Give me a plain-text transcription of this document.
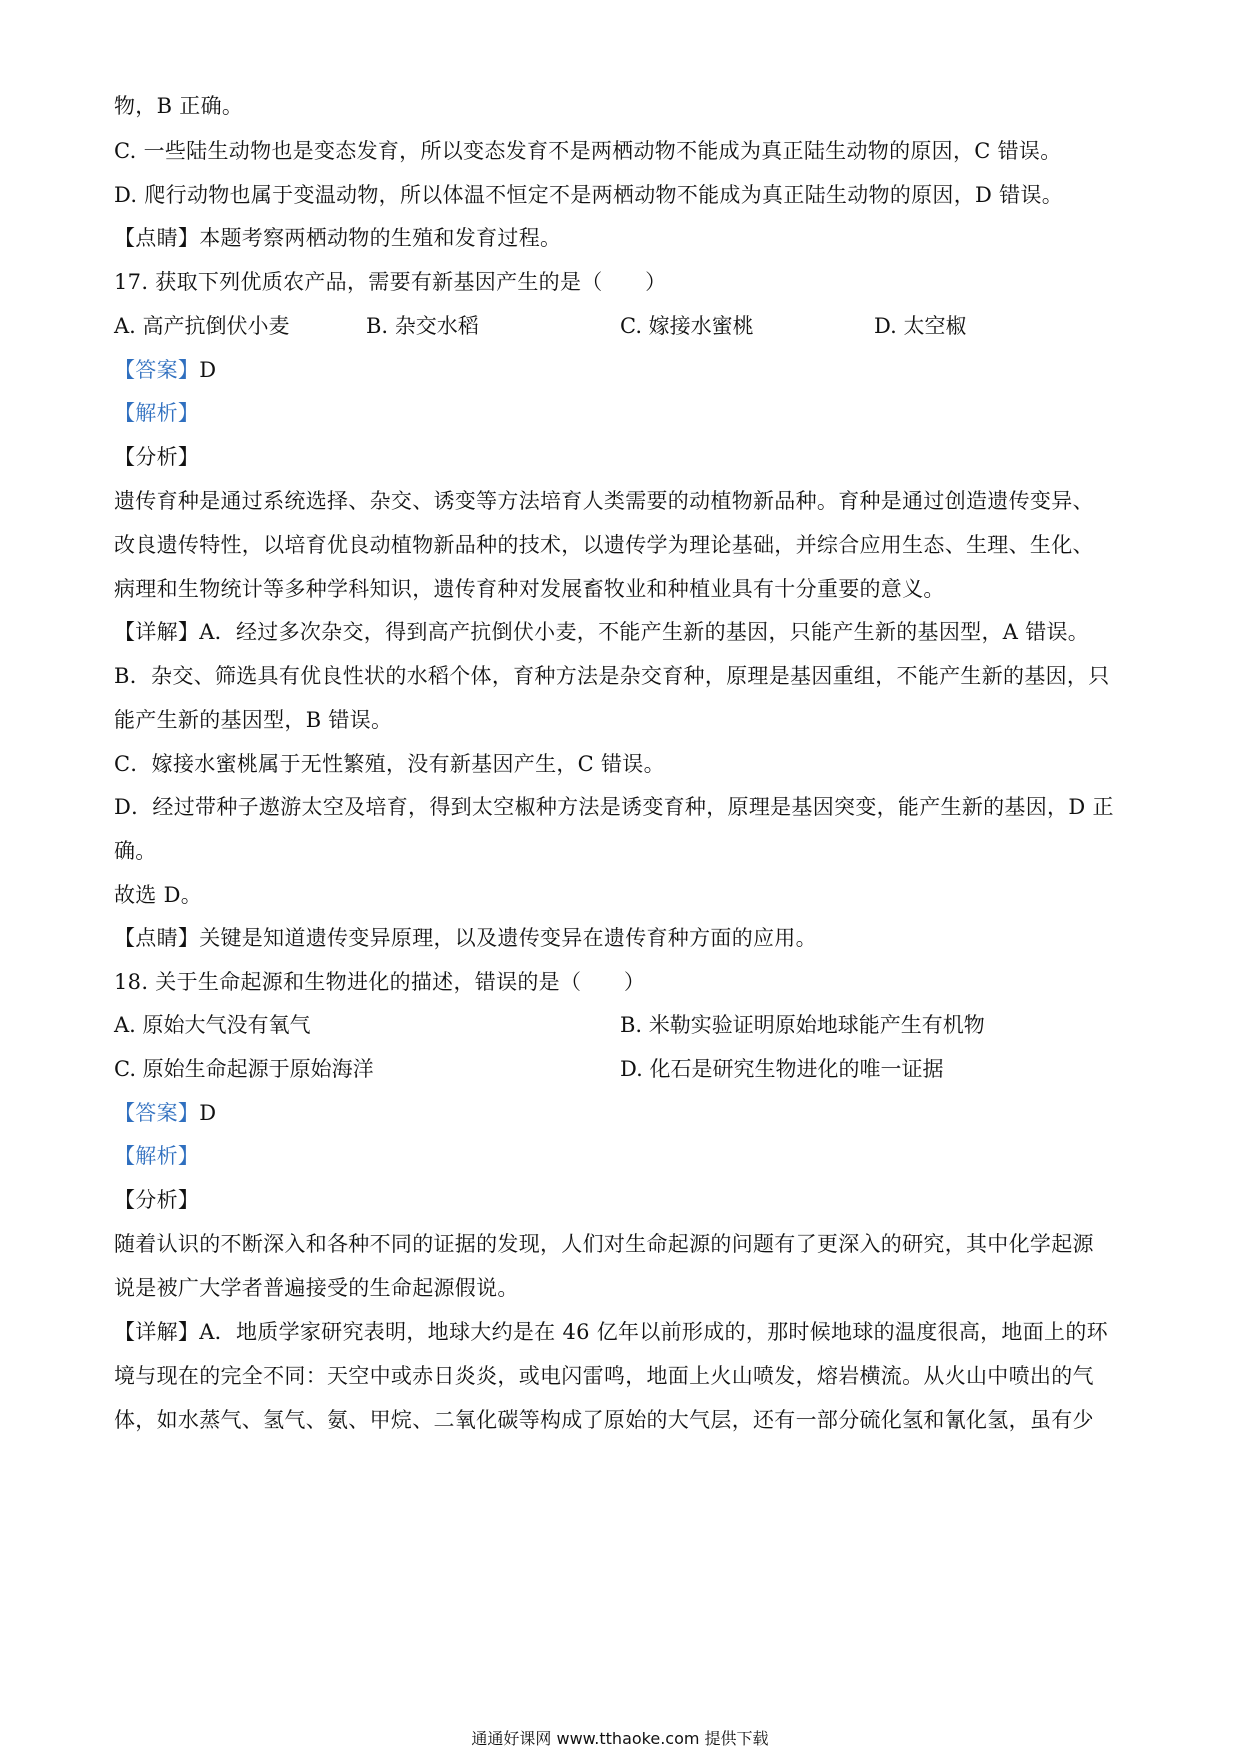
物，B 正确。
C. 一些陆生动物也是变态发育，所以变态发育不是两栖动物不能成为真正陆生动物的原因，C 错误。
D. 爬行动物也属于变温动物，所以体温不恒定不是两栖动物不能成为真正陆生动物的原因，D 错误。
【点睛】本题考察两栖动物的生殖和发育过程。
17. 获取下列优质农产品，需要有新基因产生的是（　　）
A. 高产抗倒伏小麦	B. 杂交水稻	C. 嫁接水蜜桃	D. 太空椒
【答案】D
【解析】
【分析】
遗传育种是通过系统选择、杂交、诱变等方法培育人类需要的动植物新品种。育种是通过创造遗传变异、
改良遗传特性，以培育优良动植物新品种的技术，以遗传学为理论基础，并综合应用生态、生理、生化、
病理和生物统计等多种学科知识，遗传育种对发展畜牧业和种植业具有十分重要的意义。
【详解】A．经过多次杂交，得到高产抗倒伏小麦，不能产生新的基因，只能产生新的基因型，A 错误。
B．杂交、筛选具有优良性状的水稻个体，育种方法是杂交育种，原理是基因重组，不能产生新的基因，只
能产生新的基因型，B 错误。
C．嫁接水蜜桃属于无性繁殖，没有新基因产生，C 错误。
D．经过带种子遨游太空及培育，得到太空椒种方法是诱变育种，原理是基因突变，能产生新的基因，D 正
确。
故选 D。
【点睛】关键是知道遗传变异原理，以及遗传变异在遗传育种方面的应用。
18. 关于生命起源和生物进化的描述，错误的是（　　）
A. 原始大气没有氧气	B. 米勒实验证明原始地球能产生有机物
C. 原始生命起源于原始海洋	D. 化石是研究生物进化的唯一证据
【答案】D
【解析】
【分析】
随着认识的不断深入和各种不同的证据的发现，人们对生命起源的问题有了更深入的研究，其中化学起源
说是被广大学者普遍接受的生命起源假说。
【详解】A．地质学家研究表明，地球大约是在 46 亿年以前形成的，那时候地球的温度很高，地面上的环
境与现在的完全不同：天空中或赤日炎炎，或电闪雷鸣，地面上火山喷发，熔岩横流。从火山中喷出的气
体，如水蒸气、氢气、氨、甲烷、二氧化碳等构成了原始的大气层，还有一部分硫化氢和氰化氢，虽有少
通通好课网 www.tthaoke.com 提供下载
